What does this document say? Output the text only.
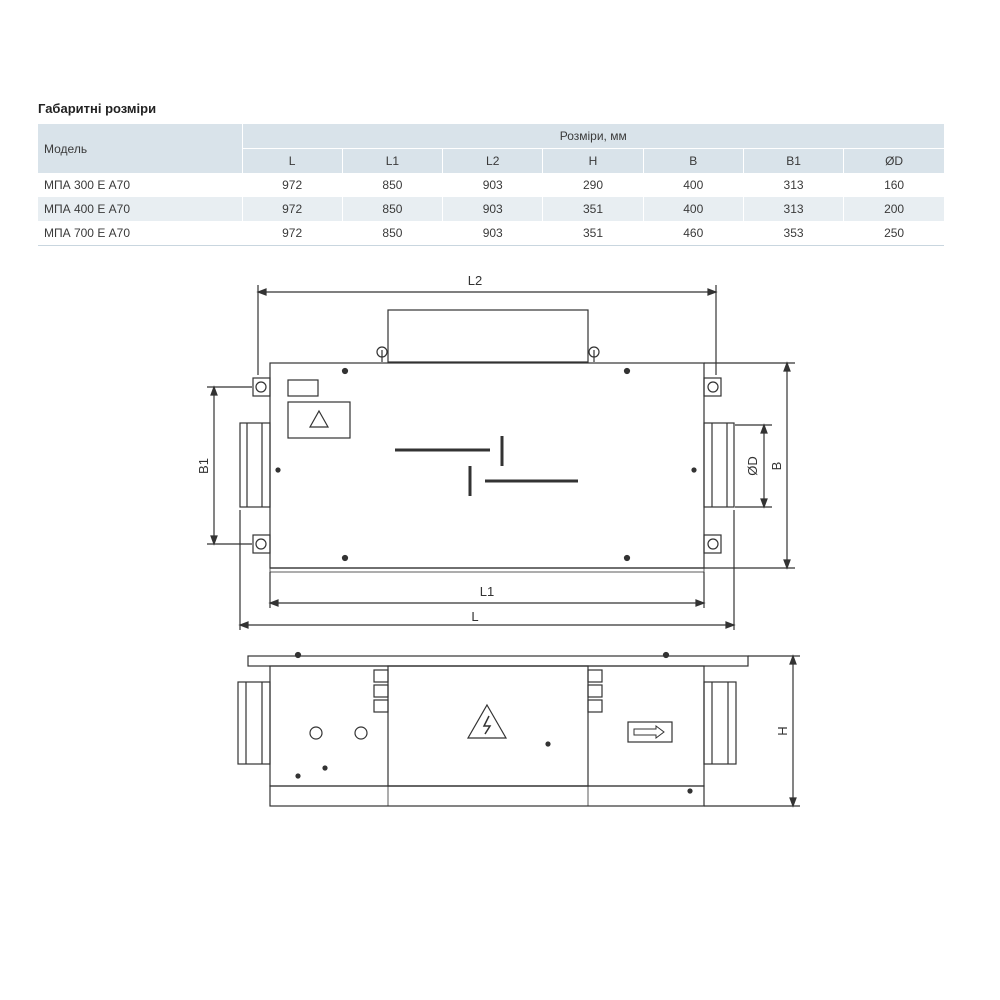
Габаритні розміри
Модель	Розміри, мм						
	L	L1	L2	H	B	B1	ØD
МПА 300 Е А70	972	850	903	290	400	313	160
МПА 400 Е А70	972	850	903	351	400	313	200
МПА 700 Е А70	972	850	903	351	460	353	250
L2
L1
L
B1	ØD B
H
